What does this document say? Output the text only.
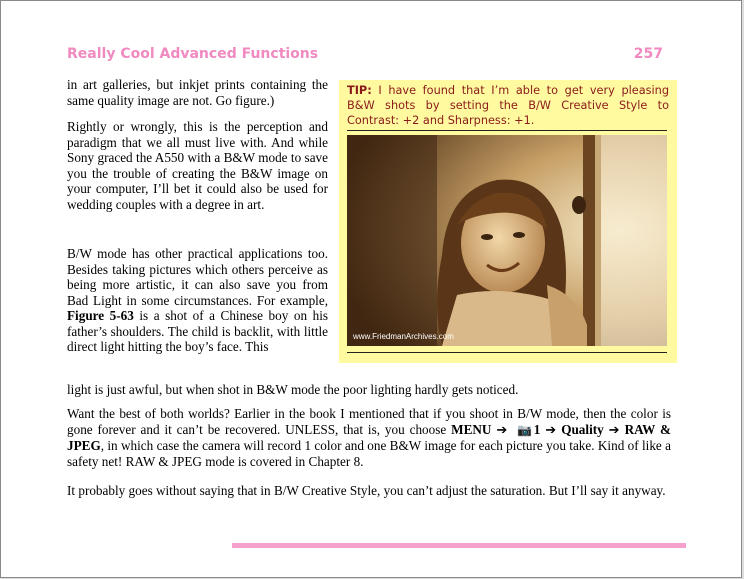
Really Cool Advanced Functions	257
in art galleries, but inkjet prints containing the same quality image are not. Go figure.)
Rightly or wrongly, this is the perception and paradigm that we all must live with. And while Sony graced the A550 with a B&W mode to save you the trouble of creating the B&W image on your computer, I’ll bet it could also be used for wedding couples with a degree in art.
B/W mode has other practical applications too. Besides taking pictures which others perceive as being more artistic, it can also save you from Bad Light in some circumstances. For example, Figure 5-63 is a shot of a Chinese boy on his father’s shoulders. The child is backlit, with little direct light hitting the boy’s face. This
TIP: I have found that I’m able to get very pleasing B&W shots by setting the B/W Creative Style to Contrast: +2 and Sharpness: +1.
www.FriedmanArchives.com
light is just awful, but when shot in B&W mode the poor lighting hardly gets noticed.
Want the best of both worlds? Earlier in the book I mentioned that if you shoot in B/W mode, then the color is gone forever and it can’t be recovered. UNLESS, that is, you choose MENU ➔ 📷1 ➔ Quality ➔ RAW & JPEG, in which case the camera will record 1 color and one B&W image for each picture you take. Kind of like a safety net! RAW & JPEG mode is covered in Chapter 8.
It probably goes without saying that in B/W Creative Style, you can’t adjust the saturation. But I’ll say it anyway.
